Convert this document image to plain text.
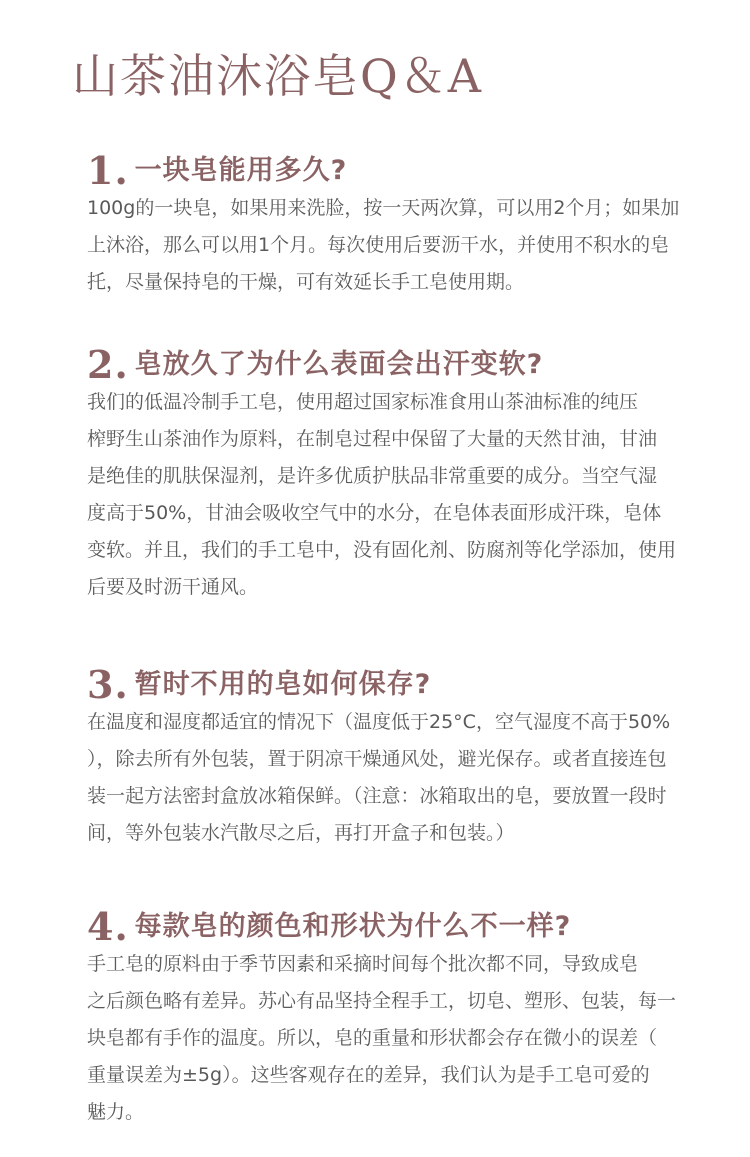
山茶油沐浴皂Q＆A
1. 一块皂能用多久?

100g的一块皂，如果用来洗脸，按一天两次算，可以用2个月；如果加
上沐浴，那么可以用1个月。每次使用后要沥干水，并使用不积水的皂
托，尽量保持皂的干燥，可有效延长手工皂使用期。

2. 皂放久了为什么表面会出汗变软?

我们的低温冷制手工皂，使用超过国家标准食用山茶油标准的纯压
榨野生山茶油作为原料，在制皂过程中保留了大量的天然甘油，甘油
是绝佳的肌肤保湿剂，是许多优质护肤品非常重要的成分。当空气湿
度高于50%，甘油会吸收空气中的水分，在皂体表面形成汗珠，皂体
变软。并且，我们的手工皂中，没有固化剂、防腐剂等化学添加，使用
后要及时沥干通风。

3. 暂时不用的皂如何保存?

在温度和湿度都适宜的情况下（温度低于25°C，空气湿度不高于50%
），除去所有外包装，置于阴凉干燥通风处，避光保存。或者直接连包
装一起方法密封盒放冰箱保鲜。（注意：冰箱取出的皂，要放置一段时
间，等外包装水汽散尽之后，再打开盒子和包装。）

4. 每款皂的颜色和形状为什么不一样?

手工皂的原料由于季节因素和采摘时间每个批次都不同，导致成皂
之后颜色略有差异。苏心有品坚持全程手工，切皂、塑形、包装，每一
块皂都有手作的温度。所以，皂的重量和形状都会存在微小的误差（
重量误差为±5g）。这些客观存在的差异，我们认为是手工皂可爱的
魅力。
